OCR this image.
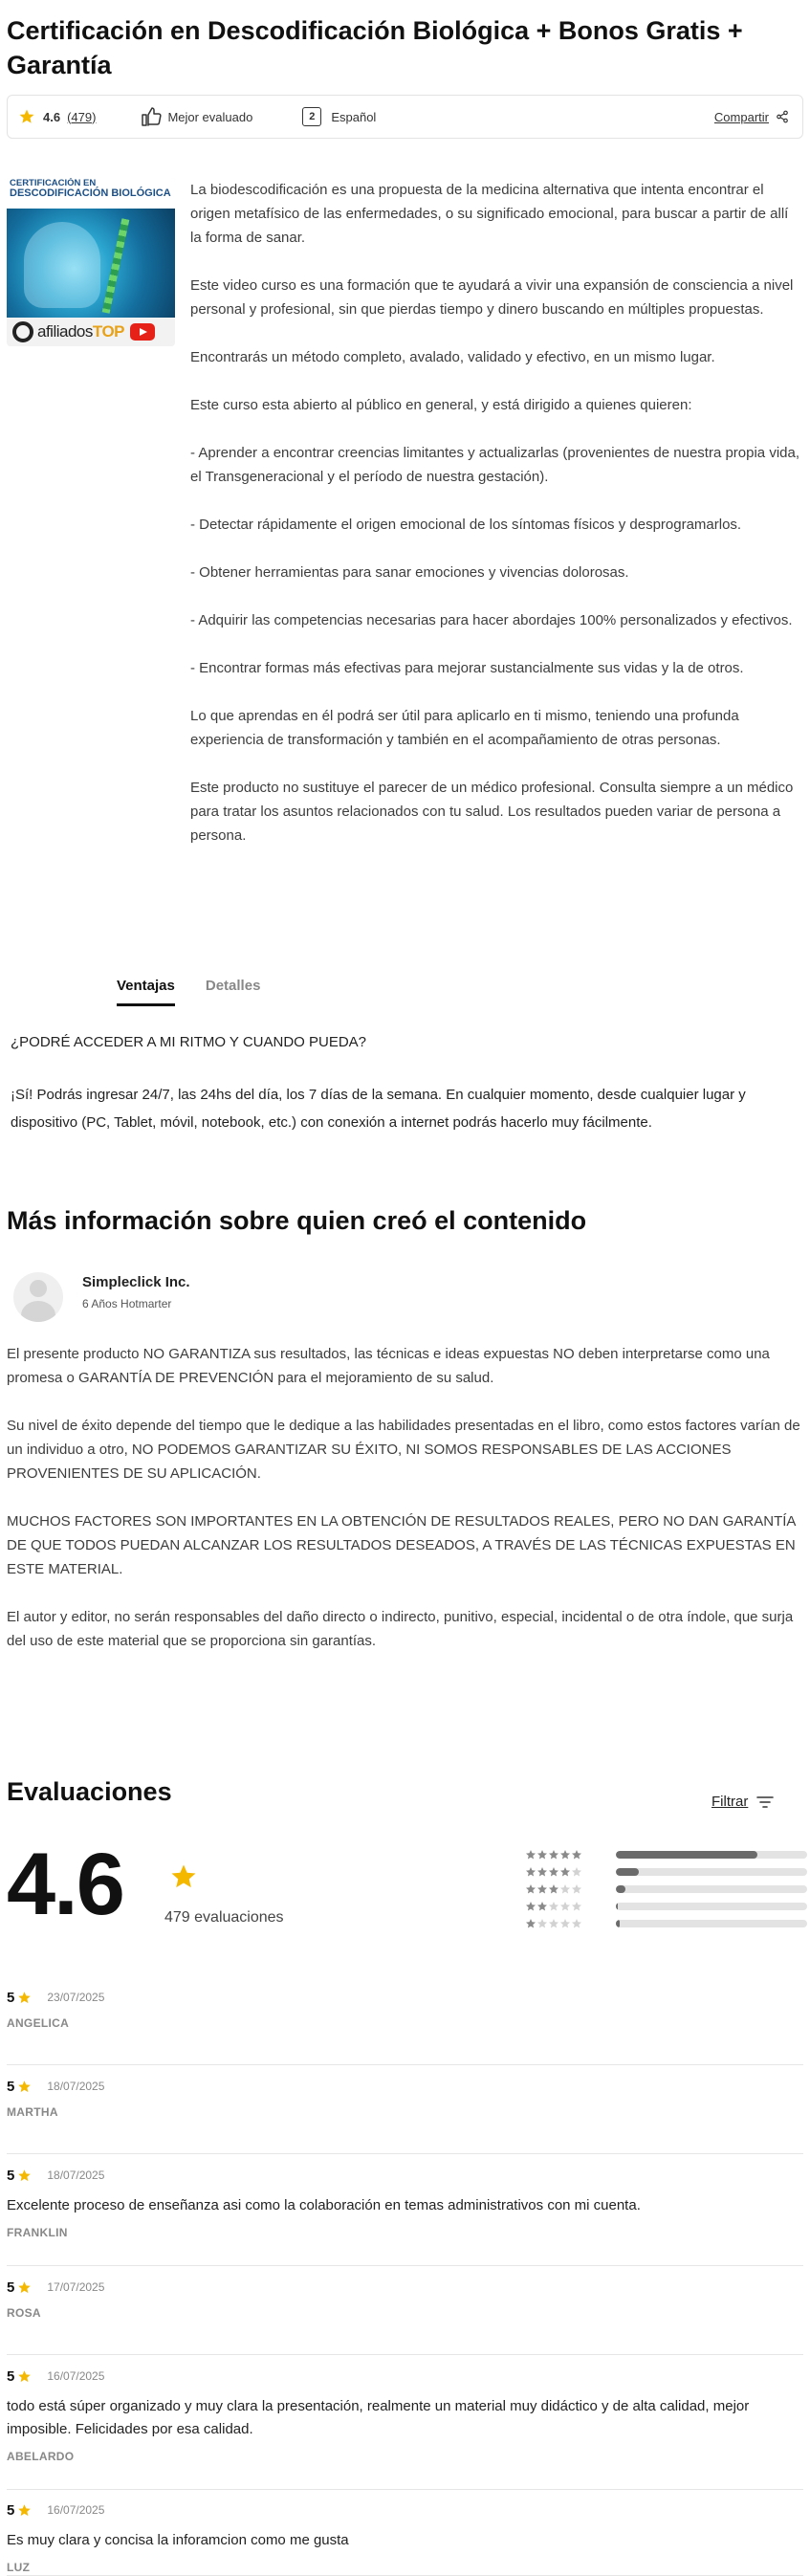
Certificación en Descodificación Biológica + Bonos Gratis + Garantía
4.6 (479)	Mejor evaluado	2	Español	Compartir
CERTIFICACIÓN EN
DESCODIFICACIÓN BIOLÓGICA
afiliadosTOP

La biodescodificación es una propuesta de la medicina alternativa que intenta encontrar el origen metafísico de las enfermedades, o su significado emocional, para buscar a partir de allí la forma de sanar.

Este video curso es una formación que te ayudará a vivir una expansión de consciencia a nivel personal y profesional, sin que pierdas tiempo y dinero buscando en múltiples propuestas.

Encontrarás un método completo, avalado, validado y efectivo, en un mismo lugar.

Este curso esta abierto al público en general, y está dirigido a quienes quieren:

- Aprender a encontrar creencias limitantes y actualizarlas (provenientes de nuestra propia vida, el Transgeneracional y el período de nuestra gestación).

- Detectar rápidamente el origen emocional de los síntomas físicos y desprogramarlos.

- Obtener herramientas para sanar emociones y vivencias dolorosas.

- Adquirir las competencias necesarias para hacer abordajes 100% personalizados y efectivos.

- Encontrar formas más efectivas para mejorar sustancialmente sus vidas y la de otros.

Lo que aprendas en él podrá ser útil para aplicarlo en ti mismo, teniendo una profunda experiencia de transformación y también en el acompañamiento de otras personas.

Este producto no sustituye el parecer de un médico profesional. Consulta siempre a un médico para tratar los asuntos relacionados con tu salud. Los resultados pueden variar de persona a persona.

Ventajas Detalles
¿PODRÉ ACCEDER A MI RITMO Y CUANDO PUEDA?
¡Sí! Podrás ingresar 24/7, las 24hs del día, los 7 días de la semana. En cualquier momento, desde cualquier lugar y dispositivo (PC, Tablet, móvil, notebook, etc.) con conexión a internet podrás hacerlo muy fácilmente.
Más información sobre quien creó el contenido
Simpleclick Inc.
6 Años Hotmarter

El presente producto NO GARANTIZA sus resultados, las técnicas e ideas expuestas NO deben interpretarse como una promesa o GARANTÍA DE PREVENCIÓN para el mejoramiento de su salud.

Su nivel de éxito depende del tiempo que le dedique a las habilidades presentadas en el libro, como estos factores varían de un individuo a otro, NO PODEMOS GARANTIZAR SU ÉXITO, NI SOMOS RESPONSABLES DE LAS ACCIONES PROVENIENTES DE SU APLICACIÓN.

MUCHOS FACTORES SON IMPORTANTES EN LA OBTENCIÓN DE RESULTADOS REALES, PERO NO DAN GARANTÍA DE QUE TODOS PUEDAN ALCANZAR LOS RESULTADOS DESEADOS, A TRAVÉS DE LAS TÉCNICAS EXPUESTAS EN ESTE MATERIAL.

El autor y editor, no serán responsables del daño directo o indirecto, punitivo, especial, incidental o de otra índole, que surja del uso de este material que se proporciona sin garantías.

Evaluaciones	Filtrar
4.6	479 evaluaciones
5	23/07/2025
ANGELICA
5	18/07/2025
MARTHA
5	18/07/2025
Excelente proceso de enseñanza asi como la colaboración en temas administrativos con mi cuenta.
FRANKLIN
5	17/07/2025
ROSA
5	16/07/2025
todo está súper organizado y muy clara la presentación, realmente un material muy didáctico y de alta calidad, mejor imposible. Felicidades por esa calidad.
ABELARDO
5	16/07/2025
Es muy clara y concisa la inforamcion como me gusta
LUZ
